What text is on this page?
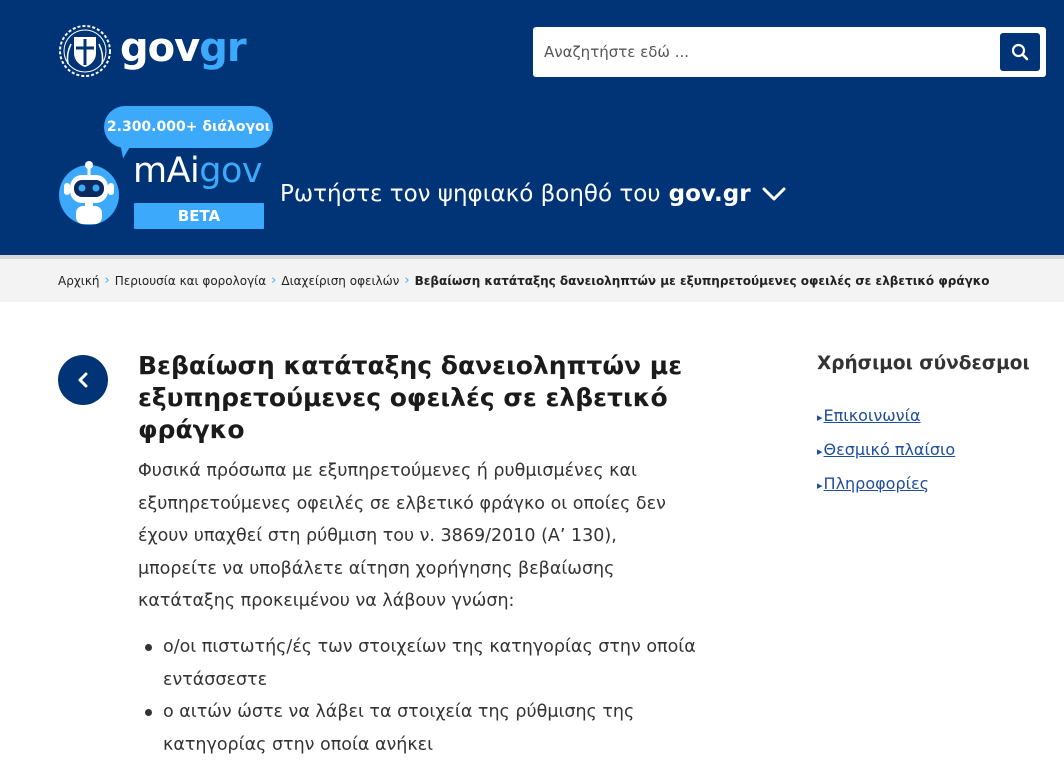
govgr
Αναζητήστε εδώ ...
2.300.000+ διάλογοι
mAigov
BETA
Ρωτήστε τον ψηφιακό βοηθό του gov.gr
Αρχική › Περιουσία και φορολογία › Διαχείριση οφειλών › Βεβαίωση κατάταξης δανειοληπτών με εξυπηρετούμενες οφειλές σε ελβετικό φράγκο
Βεβαίωση κατάταξης δανειοληπτών με εξυπηρετούμενες οφειλές σε ελβετικό φράγκο

Φυσικά πρόσωπα με εξυπηρετούμενες ή ρυθμισμένες και εξυπηρετούμενες οφειλές σε ελβετικό φράγκο οι οποίες δεν έχουν υπαχθεί στη ρύθμιση του ν. 3869/2010 (Α’ 130), μπορείτε να υποβάλετε αίτηση χορήγησης βεβαίωσης κατάταξης προκειμένου να λάβουν γνώση:

ο/οι πιστωτής/ές των στοιχείων της κατηγορίας στην οποία εντάσσεστε
ο αιτών ώστε να λάβει τα στοιχεία της ρύθμισης της κατηγορίας στην οποία ανήκει
Χρήσιμοι σύνδεσμοι
▸Επικοινωνία
▸Θεσμικό πλαίσιο
▸Πληροφορίες
